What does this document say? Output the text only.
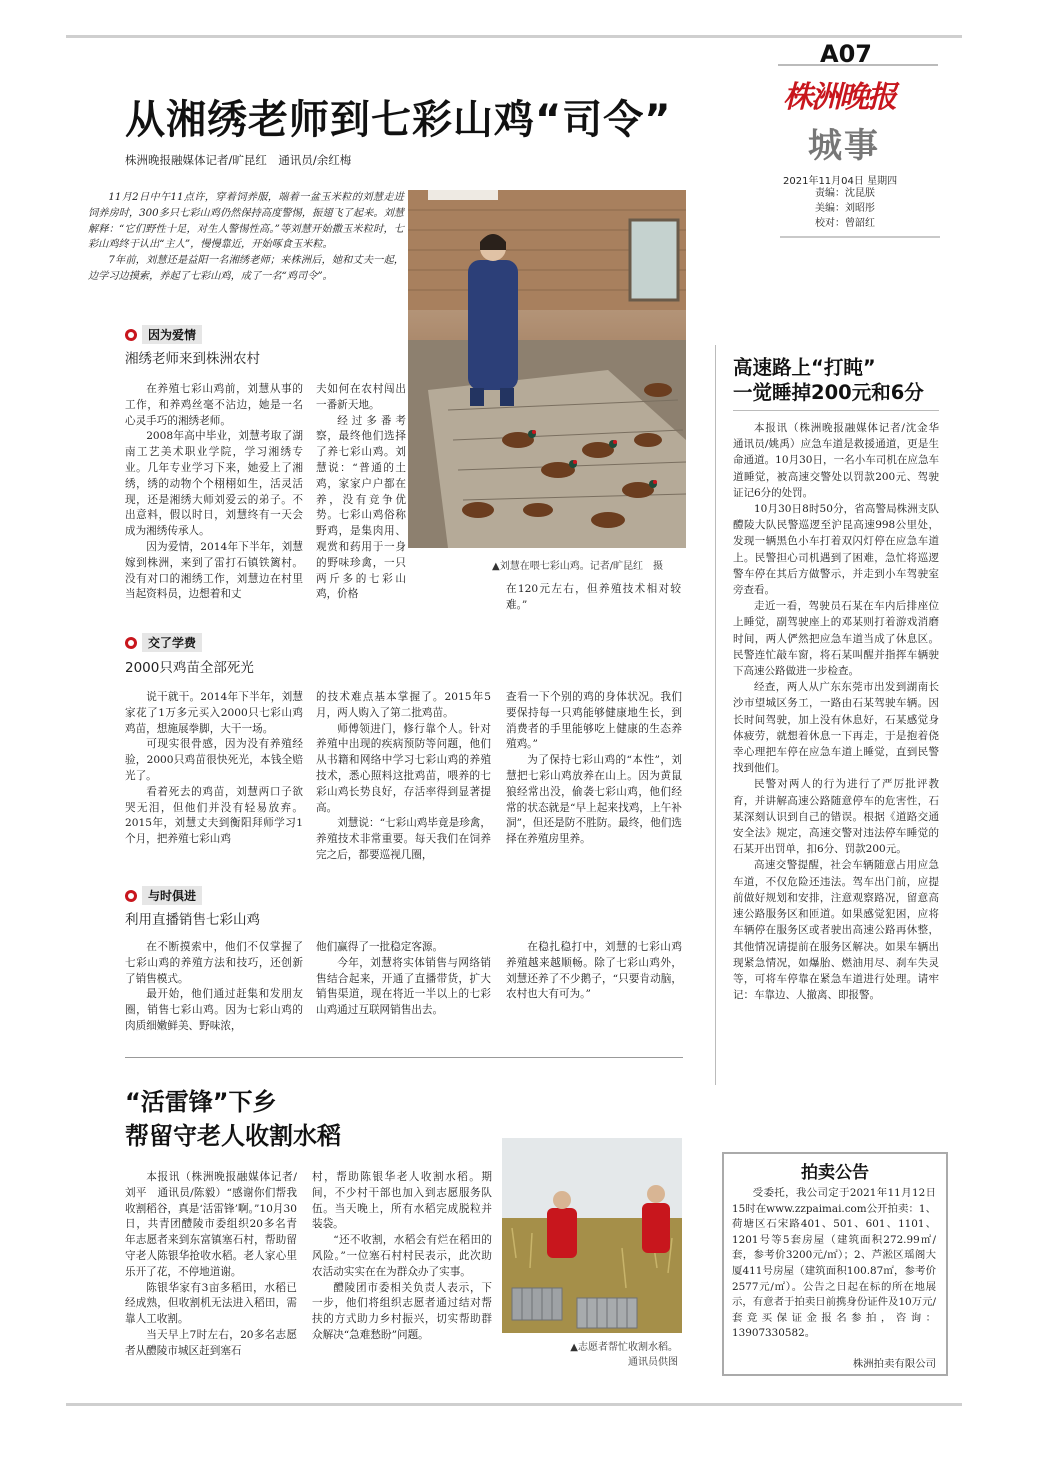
A07
株洲晚报
城事
2021年11月04日 星期四
责编：沈昆朕
美编：刘昭彤
校对：曾韶红
从湘绣老师到七彩山鸡“司令”
株洲晚报融媒体记者/旷昆红　通讯员/余红梅

11月2日中午11点许，穿着饲养服，端着一盆玉米粒的刘慧走进饲养房时，300多只七彩山鸡仍然保持高度警惕，振翅飞了起来。刘慧解释：“它们野性十足，对生人警惕性高。”等刘慧开始撒玉米粒时，七彩山鸡终于认出“主人”，慢慢靠近，开始啄食玉米粒。

7年前，刘慧还是益阳一名湘绣老师；来株洲后，她和丈夫一起，边学习边摸索，养起了七彩山鸡，成了一名“鸡司令”。

▲刘慧在喂七彩山鸡。记者/旷昆红　摄
因为爱情
湘绣老师来到株洲农村

在养殖七彩山鸡前，刘慧从事的工作，和养鸡丝毫不沾边，她是一名心灵手巧的湘绣老师。

2008年高中毕业，刘慧考取了湖南工艺美术职业学院，学习湘绣专业。几年专业学习下来，她爱上了湘绣，绣的动物个个栩栩如生，活灵活现，还是湘绣大师刘爱云的弟子。不出意料，假以时日，刘慧终有一天会成为湘绣传承人。

因为爱情，2014年下半年，刘慧嫁到株洲，来到了雷打石镇铁篱村。没有对口的湘绣工作，刘慧边在村里当起资料员，边想着和丈

夫如何在农村闯出一番新天地。

经过多番考察，最终他们选择了养七彩山鸡。刘慧说：“普通的土鸡，家家户户都在养，没有竞争优势。七彩山鸡俗称野鸡，是集肉用、观赏和药用于一身的野味珍禽，一只两斤多的七彩山鸡，价格	在120元左右，但养殖技术相对较难。”

交了学费
2000只鸡苗全部死光

说干就干。2014年下半年，刘慧家花了1万多元买入2000只七彩山鸡鸡苗，想施展拳脚，大干一场。

可现实很骨感，因为没有养殖经验，2000只鸡苗很快死光，本钱全赔光了。

看着死去的鸡苗，刘慧两口子欲哭无泪，但他们并没有轻易放弃。2015年，刘慧丈夫到衡阳拜师学习1个月，把养殖七彩山鸡

的技术难点基本掌握了。2015年5月，两人购入了第二批鸡苗。

师傅领进门，修行靠个人。针对养殖中出现的疾病预防等问题，他们从书籍和网络中学习七彩山鸡的养殖技术，悉心照料这批鸡苗，喂养的七彩山鸡长势良好，存活率得到显著提高。

刘慧说：“七彩山鸡毕竟是珍禽，养殖技术非常重要。每天我们在饲养完之后，都要巡视几圈，

查看一下个别的鸡的身体状况。我们要保持每一只鸡能够健康地生长，到消费者的手里能够吃上健康的生态养殖鸡。”

为了保持七彩山鸡的“本性”，刘慧把七彩山鸡放养在山上。因为黄鼠狼经常出没，偷袭七彩山鸡，他们经常的状态就是“早上起来找鸡，上午补洞”，但还是防不胜防。最终，他们选择在养殖房里养。

与时俱进
利用直播销售七彩山鸡

在不断摸索中，他们不仅掌握了七彩山鸡的养殖方法和技巧，还创新了销售模式。

最开始，他们通过赶集和发朋友圈，销售七彩山鸡。因为七彩山鸡的肉质细嫩鲜美、野味浓，

他们赢得了一批稳定客源。

今年，刘慧将实体销售与网络销售结合起来，开通了直播带货，扩大销售渠道，现在将近一半以上的七彩山鸡通过互联网销售出去。

在稳扎稳打中，刘慧的七彩山鸡养殖越来越顺畅。除了七彩山鸡外，刘慧还养了不少鹅子，“只要肯动脑，农村也大有可为。”

高速路上“打盹”
一觉睡掉200元和6分

本报讯（株洲晚报融媒体记者/沈金华　通讯员/姚禹）应急车道是救援通道，更是生命通道。10月30日，一名小车司机在应急车道睡觉，被高速交警处以罚款200元、驾驶证记6分的处罚。

10月30日8时50分，省高警局株洲支队醴陵大队民警巡逻至沪昆高速998公里处，发现一辆黑色小车打着双闪灯停在应急车道上。民警担心司机遇到了困难，急忙将巡逻警车停在其后方做警示，并走到小车驾驶室旁查看。

走近一看，驾驶员石某在车内后排座位上睡觉，副驾驶座上的邓某则打着游戏消磨时间，两人俨然把应急车道当成了休息区。民警连忙敲车窗，将石某叫醒并指挥车辆驶下高速公路做进一步检查。

经查，两人从广东东莞市出发到湖南长沙市望城区务工，一路由石某驾驶车辆。因长时间驾驶，加上没有休息好，石某感觉身体疲劳，就想着休息一下再走，于是抱着侥幸心理把车停在应急车道上睡觉，直到民警找到他们。

民警对两人的行为进行了严厉批评教育，并讲解高速公路随意停车的危害性，石某深刻认识到自己的错误。根据《道路交通安全法》规定，高速交警对违法停车睡觉的石某开出罚单，扣6分、罚款200元。

高速交警提醒，社会车辆随意占用应急车道，不仅危险还违法。驾车出门前，应提前做好规划和安排，注意观察路况，留意高速公路服务区和匝道。如果感觉犯困，应将车辆停在服务区或者驶出高速公路再休整，其他情况请提前在服务区解决。如果车辆出现紧急情况，如爆胎、燃油用尽、刹车失灵等，可将车停靠在紧急车道进行处理。请牢记：车靠边、人撤离、即报警。

“活雷锋”下乡
帮留守老人收割水稻

本报讯（株洲晚报融媒体记者/刘平　通讯员/陈毅）“感谢你们帮我收割稻谷，真是‘活雷锋’啊。”10月30日，共青团醴陵市委组织20多名青年志愿者来到东富镇塞石村，帮助留守老人陈银华抢收水稻。老人家心里乐开了花，不停地道谢。

陈银华家有3亩多稻田，水稻已经成熟，但收割机无法进入稻田，需靠人工收割。

当天早上7时左右，20多名志愿者从醴陵市城区赶到塞石

村，帮助陈银华老人收割水稻。期间，不少村干部也加入到志愿服务队伍。当天晚上，所有水稻完成脱粒并装袋。

“还不收割，水稻会有烂在稻田的风险。”一位塞石村村民表示，此次助农活动实实在在为群众办了实事。

醴陵团市委相关负责人表示，下一步，他们将组织志愿者通过结对帮扶的方式助力乡村振兴，切实帮助群众解决“急难愁盼”问题。

▲志愿者帮忙收割水稻。
通讯员供图
拍卖公告

受委托，我公司定于2021年11月12日15时在www.zzpaimai.com公开拍卖：1、荷塘区石宋路401、501、601、1101、1201号等5套房屋（建筑面积272.99㎡/套，参考价3200元/㎡）；2、芦淞区瑶阁大厦411号房屋（建筑面积100.87㎡，参考价2577元/㎡）。公告之日起在标的所在地展示，有意者于拍卖日前携身份证件及10万元/套竞买保证金报名参拍，咨询：13907330582。

株洲拍卖有限公司
